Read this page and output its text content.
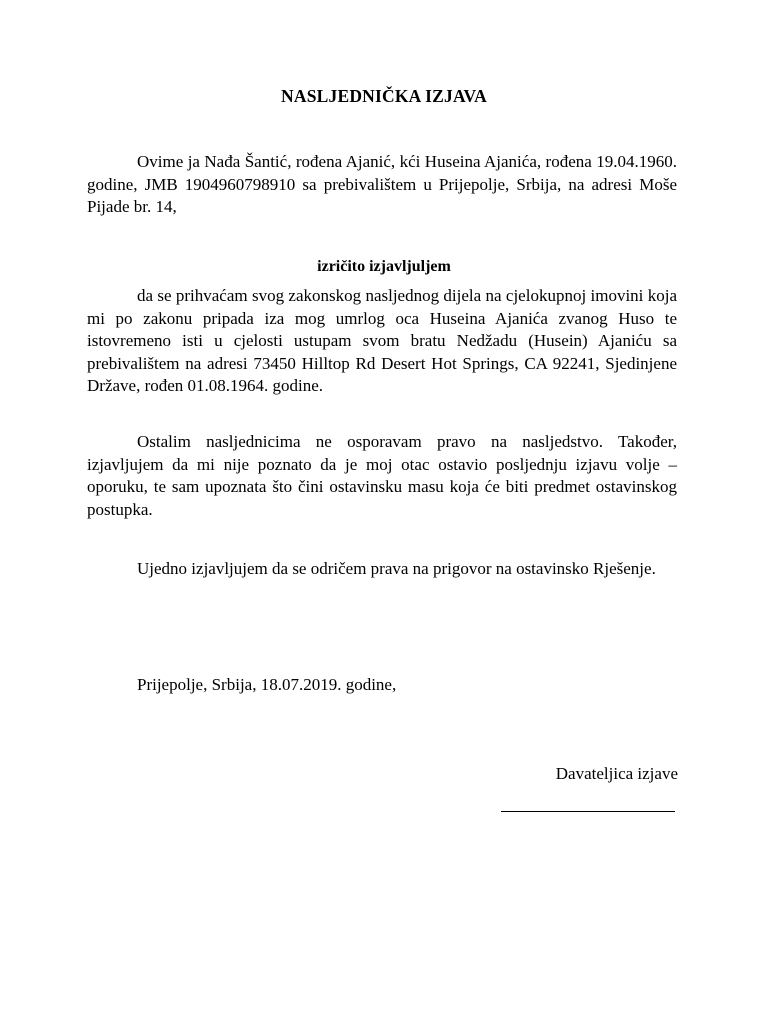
NASLJEDNIČKA IZJAVA

Ovime ja Nađa Šantić, rođena Ajanić, kći Huseina Ajanića, rođena 19.04.1960. godine, JMB 1904960798910 sa prebivalištem u Prijepolje, Srbija, na adresi Moše Pijade br. 14,

izričito izjavljuljem

da se prihvaćam svog zakonskog nasljednog dijela na cjelokupnoj imovini koja mi po zakonu pripada iza mog umrlog oca Huseina Ajanića zvanog Huso te istovremeno isti u cjelosti ustupam svom bratu Nedžadu (Husein) Ajaniću sa prebivalištem na adresi 73450 Hilltop Rd Desert Hot Springs, CA 92241, Sjedinjene Države, rođen 01.08.1964. godine.

Ostalim nasljednicima ne osporavam pravo na nasljedstvo. Također, izjavljujem da mi nije poznato da je moj otac ostavio posljednju izjavu volje – oporuku, te sam upoznata što čini ostavinsku masu koja će biti predmet ostavinskog postupka.

Ujedno izjavljujem da se odričem prava na prigovor na ostavinsko Rješenje.

Prijepolje, Srbija, 18.07.2019. godine,
Davateljica izjave
